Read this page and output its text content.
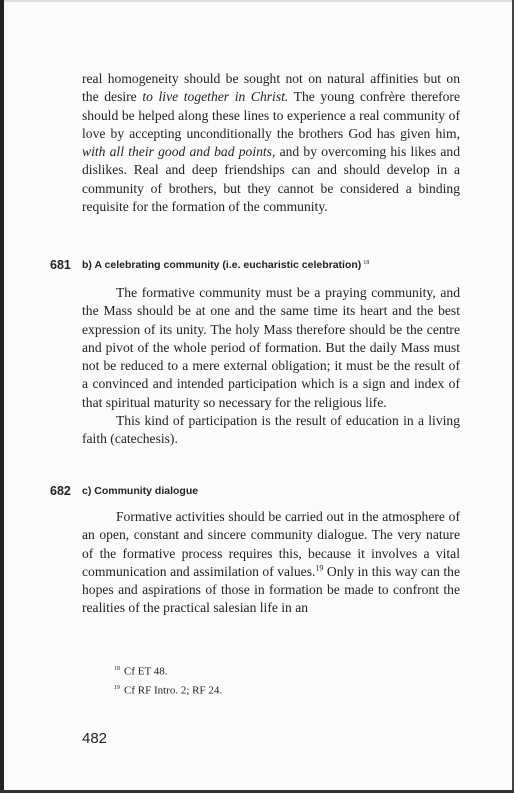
real homogeneity should be sought not on natural affinities but on the desire to live together in Christ. The young confrère therefore should be helped along these lines to experience a real community of love by accepting unconditionally the brothers God has given him, with all their good and bad points, and by overcoming his likes and dislikes. Real and deep friendships can and should develop in a community of brothers, but they cannot be considered a binding requisite for the formation of the community.

681 b) A celebrating community (i.e. eucharistic celebration) $^{18}$

The formative community must be a praying community, and the Mass should be at one and the same time its heart and the best expression of its unity. The holy Mass therefore should be the centre and pivot of the whole period of formation. But the daily Mass must not be reduced to a mere external obligation; it must be the result of a convinced and intended participation which is a sign and index of that spiritual maturity so necessary for the religious life.

This kind of participation is the result of education in a living faith (catechesis).

682 c) Community dialogue

Formative activities should be carried out in the atmosphere of an open, constant and sincere community dialogue. The very nature of the formative process requires this, because it involves a vital communication and assimilation of values.$^{19}$ Only in this way can the hopes and aspirations of those in formation be made to confront the realities of the practical salesian life in an

$^{18}$ Cf ET 48.
$^{19}$ Cf RF Intro. 2; RF 24.
482
